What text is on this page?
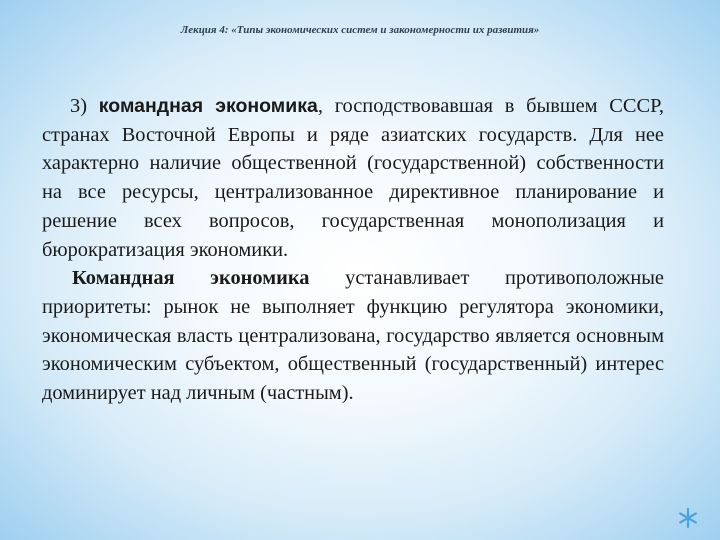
Лекция 4: «Типы экономических систем и закономерности их развития»

3) командная экономика, господствовавшая в бывшем СССР, странах Восточной Европы и ряде азиатских государств. Для нее характерно наличие общественной (государственной) собственности на все ресурсы, централизованное директивное планирование и решение всех вопросов, государственная монополизация и бюрократизация экономики.

Командная экономика устанавливает противоположные приоритеты: рынок не выполняет функцию регулятора экономики, экономическая власть централизована, государство является основным экономическим субъектом, общественный (государственный) интерес доминирует над личным (частным).
